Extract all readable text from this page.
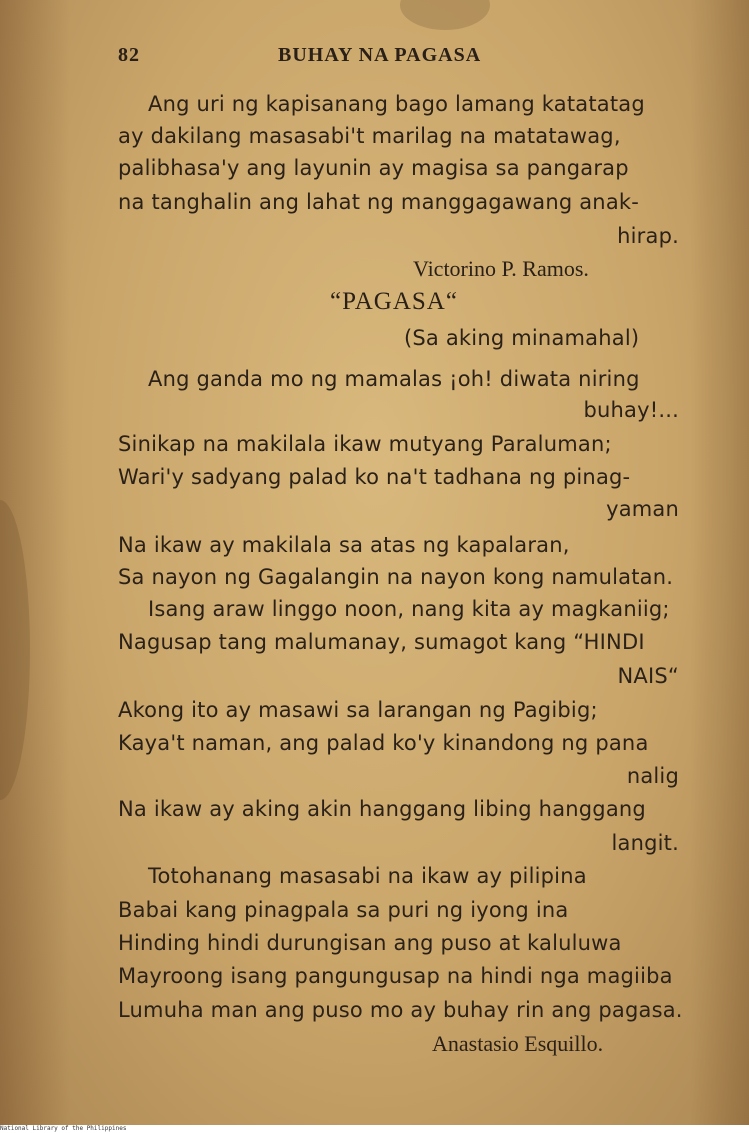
82	BUHAY NA PAGASA
Ang uri ng kapisanang bago lamang katatatag
ay dakilang masasabi't marilag na matatawag,
palibhasa'y ang layunin ay magisa sa pangarap
na tanghalin ang lahat ng manggagawang anak-
hirap.
Victorino P. Ramos.
“PAGASA“
(Sa aking minamahal)
Ang ganda mo ng mamalas ¡oh! diwata niring
buhay!...
Sinikap na makilala ikaw mutyang Paraluman;
Wari'y sadyang palad ko na't tadhana ng pinag-
yaman
Na ikaw ay makilala sa atas ng kapalaran,
Sa nayon ng Gagalangin na nayon kong namulatan.
Isang araw linggo noon, nang kita ay magkaniig;
Nagusap tang malumanay, sumagot kang “HINDI
NAIS“
Akong ito ay masawi sa larangan ng Pagibig;
Kaya't naman, ang palad ko'y kinandong ng pana
nalig
Na ikaw ay aking akin hanggang libing hanggang
langit.
Totohanang masasabi na ikaw ay pilipina
Babai kang pinagpala sa puri ng iyong ina
Hinding hindi durungisan ang puso at kaluluwa
Mayroong isang pangungusap na hindi nga magiiba
Lumuha man ang puso mo ay buhay rin ang pagasa.
Anastasio Esquillo.
National Library of the Philippines
